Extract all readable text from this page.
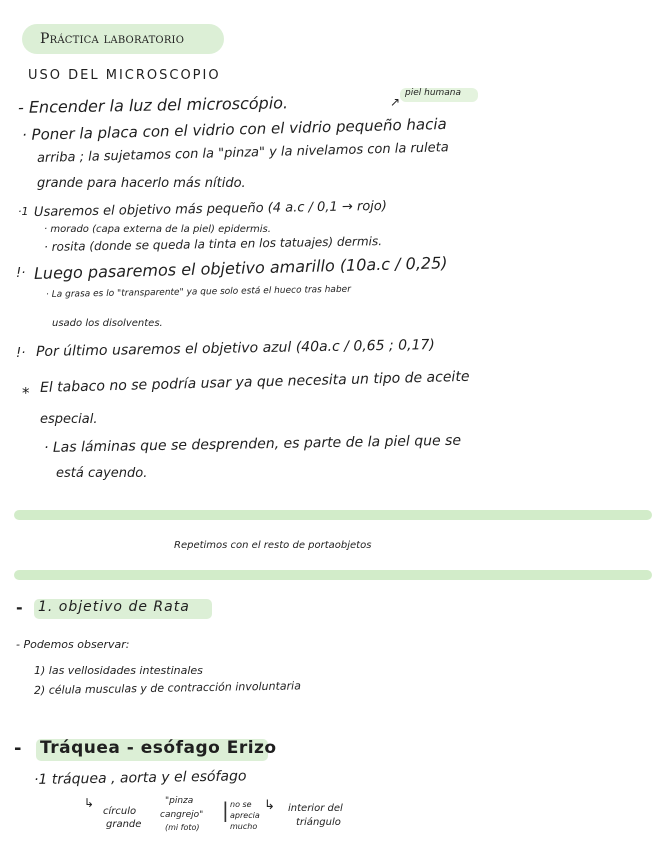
Práctica laboratorio
USO DEL MICROSCOPIO
↗
piel humana
- Encender la luz del microscópio.
· Poner la placa con el vidrio con el vidrio pequeño hacia
arriba ; la sujetamos con la "pinza" y la nivelamos con la ruleta
grande para hacerlo más nítido.
·1 Usaremos el objetivo más pequeño (4 a.c / 0,1 → rojo)
· morado (capa externa de la piel) epidermis.
· rosita (donde se queda la tinta en los tatuajes) dermis.
!· Luego pasaremos el objetivo amarillo (10a.c / 0,25)
· La grasa es lo "transparente" ya que solo está el hueco tras haber
usado los disolventes.
!· Por último usaremos el objetivo azul (40a.c / 0,65 ; 0,17)
* El tabaco no se podría usar ya que necesita un tipo de aceite
especial.
· Las láminas que se desprenden, es parte de la piel que se
está cayendo.
Repetimos con el resto de portaobjetos
- 1. objetivo de Rata
- Podemos observar:
1) las vellosidades intestinales
2) célula musculas y de contracción involuntaria
- Tráquea - esófago Erizo
·1 tráquea , aorta y el esófago
↳
círculo
grande
"pinza
cangrejo"
(mi foto)
| no se
aprecia
mucho
↳ interior del
triángulo
